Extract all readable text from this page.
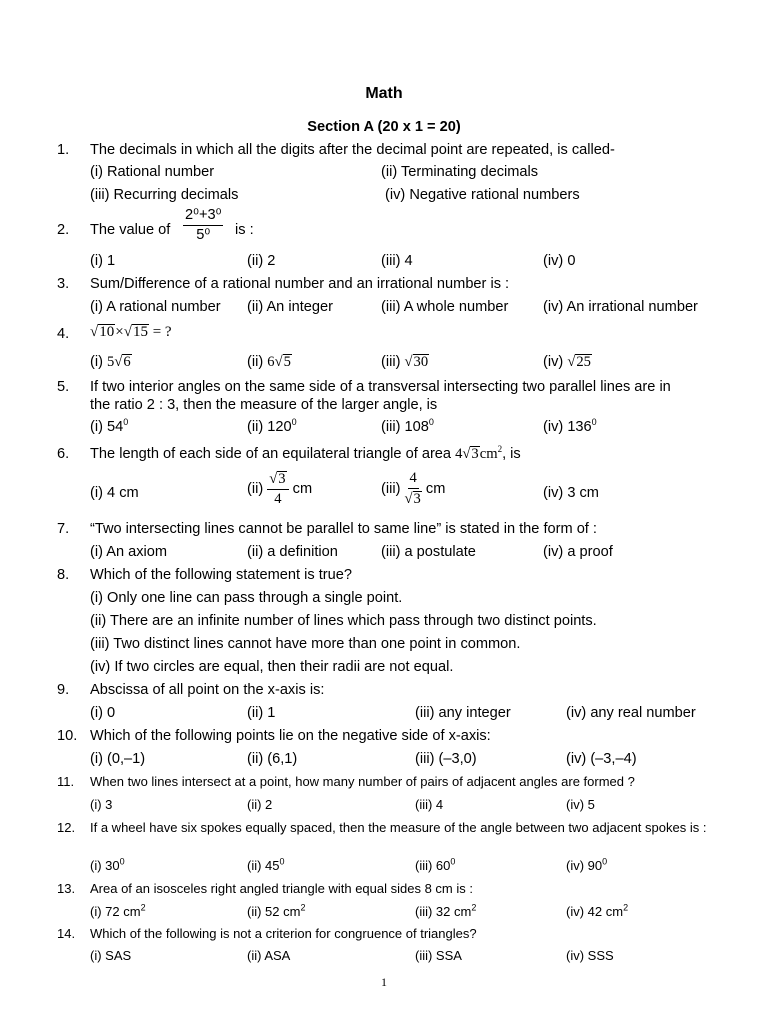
Math
Section A (20 x 1 = 20)
1. The decimals in which all the digits after the decimal point are repeated, is called-
(i) Rational number	(ii) Terminating decimals
(iii) Recurring decimals	(iv) Negative rational numbers
2. The value of $\frac{\text{2⁰+3⁰}}{\text{5⁰}}$ is :
(i) 1	(ii) 2	(iii) 4	(iv) 0
3. Sum/Difference of a rational number and an irrational number is :
(i) A rational number (ii) An integer	(iii) A whole number (iv) An irrational number
4. √10×√15 = ?
(i) 5√6	(ii) 6√5	(iii) √30	(iv) √25
5. If two interior angles on the same side of a transversal intersecting two parallel lines are in
the ratio 2 : 3, then the measure of the larger angle, is
(i) $54^0$	(ii) $120^0$	(iii) $108^0$	(iv) $136^0$
6. The length of each side of an equilateral triangle of area $4√3cm^2$, is
(i) 4 cm	$(ii) \frac{√3}{4}$ cm	$(iii) \frac{4}{√3}$ cm	(iv) 3 cm
7. “Two intersecting lines cannot be parallel to same line” is stated in the form of :
(i) An axiom	(ii) a definition	(iii) a postulate	(iv) a proof
8. Which of the following statement is true?
(i) Only one line can pass through a single point.
(ii) There are an infinite number of lines which pass through two distinct points.
(iii) Two distinct lines cannot have more than one point in common.
(iv) If two circles are equal, then their radii are not equal.
9. Abscissa of all point on the x-axis is:
(i) 0	(ii) 1	(iii) any integer	(iv) any real number
10. Which of the following points lie on the negative side of x-axis:
(i) (0,–1)	(ii) (6,1)	(iii) (–3,0)	(iv) (–3,–4)
11. When two lines intersect at a point, how many number of pairs of adjacent angles are formed ?
(i) 3	(ii) 2	(iii) 4	(iv) 5
12. If a wheel have six spokes equally spaced, then the measure of the angle between two adjacent spokes is :
(i) $30^0$	(ii) $45^0$	(iii) $60^0$	(iv) $90^0$
13. Area of an isosceles right angled triangle with equal sides 8 cm is :
(i) 72 $cm^2$	(ii) 52 $cm^2$	(iii) 32 $cm^2$	(iv) 42 $cm^2$
14. Which of the following is not a criterion for congruence of triangles?
(i) SAS	(ii) ASA	(iii) SSA	(iv) SSS
1
